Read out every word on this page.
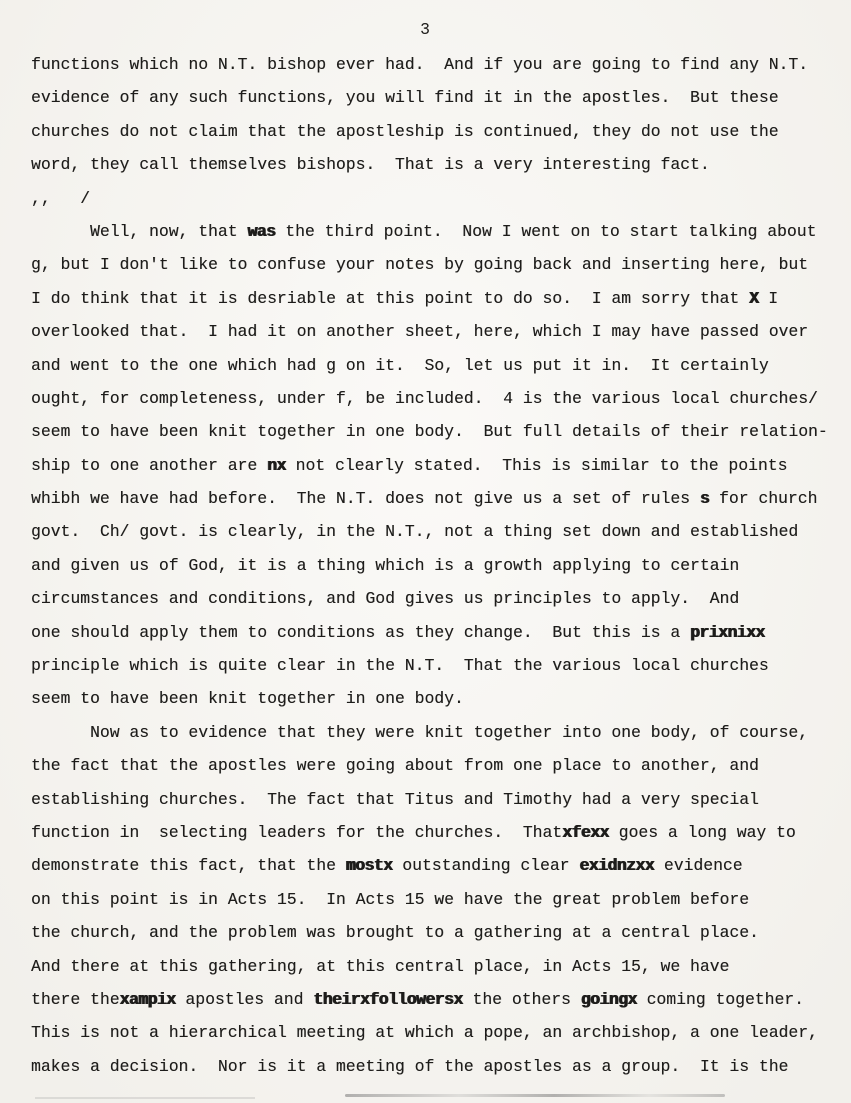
3
functions which no N.T. bishop ever had.  And if you are going to find any N.T.
evidence of any such functions, you will find it in the apostles.  But these
churches do not claim that the apostleship is continued, they do not use the
word, they call themselves bishops.  That is a very interesting fact.
,,   /
Well, now, that was the third point.  Now I went on to start talking about
g, but I don't like to confuse your notes by going back and inserting here, but
I do think that it is desriable at this point to do so.  I am sorry that X I
overlooked that.  I had it on another sheet, here, which I may have passed over
and went to the one which had g on it.  So, let us put it in.  It certainly
ought, for completeness, under f, be included.  4 is the various local churches/
seem to have been knit together in one body.  But full details of their relation-
ship to one another are nx not clearly stated.  This is similar to the points
whibh we have had before.  The N.T. does not give us a set of rules s for church
govt.  Ch/ govt. is clearly, in the N.T., not a thing set down and established
and given us of God, it is a thing which is a growth applying to certain
circumstances and conditions, and God gives us principles to apply.  And
one should apply them to conditions as they change.  But this is a prixnixx
principle which is quite clear in the N.T.  That the various local churches
seem to have been knit together in one body.
Now as to evidence that they were knit together into one body, of course,
the fact that the apostles were going about from one place to another, and
establishing churches.  The fact that Titus and Timothy had a very special
function in  selecting leaders for the churches.  Thatxfexx goes a long way to
demonstrate this fact, that the mostx outstanding clear exidnzxx evidence
on this point is in Acts 15.  In Acts 15 we have the great problem before
the church, and the problem was brought to a gathering at a central place.
And there at this gathering, at this central place, in Acts 15, we have
there thexampix apostles and theirxfollowersx the others goingx coming together.
This is not a hierarchical meeting at which a pope, an archbishop, a one leader,
makes a decision.  Nor is it a meeting of the apostles as a group.  It is the
